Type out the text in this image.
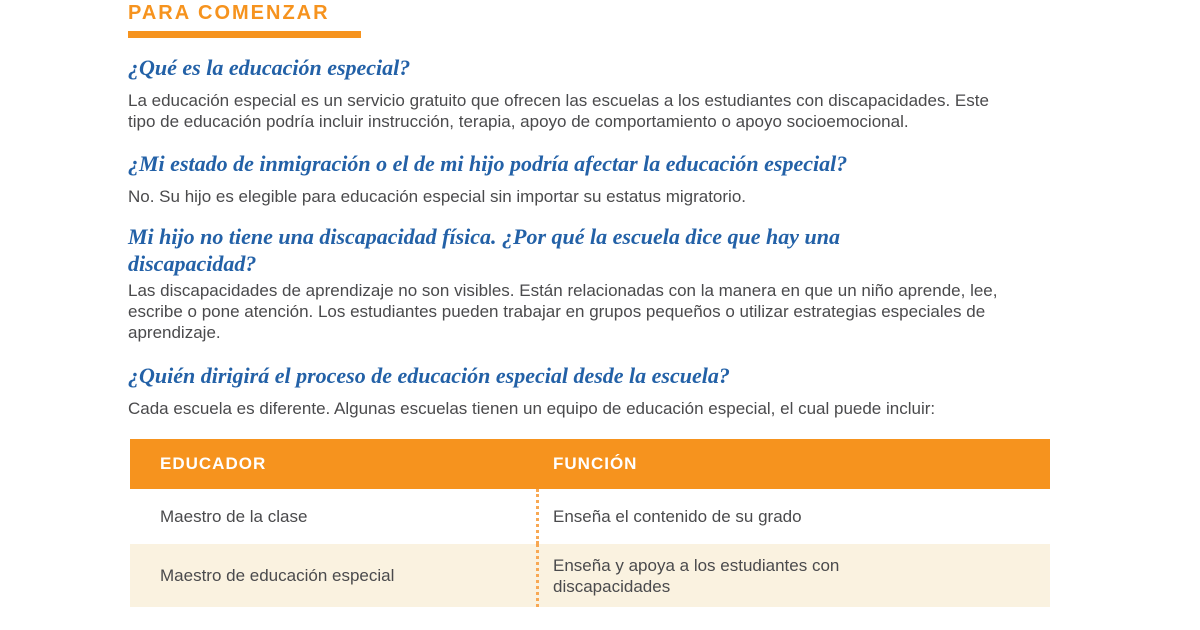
PARA COMENZAR
¿Qué es la educación especial?
La educación especial es un servicio gratuito que ofrecen las escuelas a los estudiantes con discapacidades. Este tipo de educación podría incluir instrucción, terapia, apoyo de comportamiento o apoyo socioemocional.
¿Mi estado de inmigración o el de mi hijo podría afectar la educación especial?
No. Su hijo es elegible para educación especial sin importar su estatus migratorio.
Mi hijo no tiene una discapacidad física. ¿Por qué la escuela dice que hay una discapacidad?
Las discapacidades de aprendizaje no son visibles. Están relacionadas con la manera en que un niño aprende, lee, escribe o pone atención. Los estudiantes pueden trabajar en grupos pequeños o utilizar estrategias especiales de aprendizaje.
¿Quién dirigirá el proceso de educación especial desde la escuela?
Cada escuela es diferente. Algunas escuelas tienen un equipo de educación especial, el cual puede incluir:
EDUCADOR	FUNCIÓN
Maestro de la clase	Enseña el contenido de su grado
Maestro de educación especial
Enseña y apoya a los estudiantes con discapacidades
